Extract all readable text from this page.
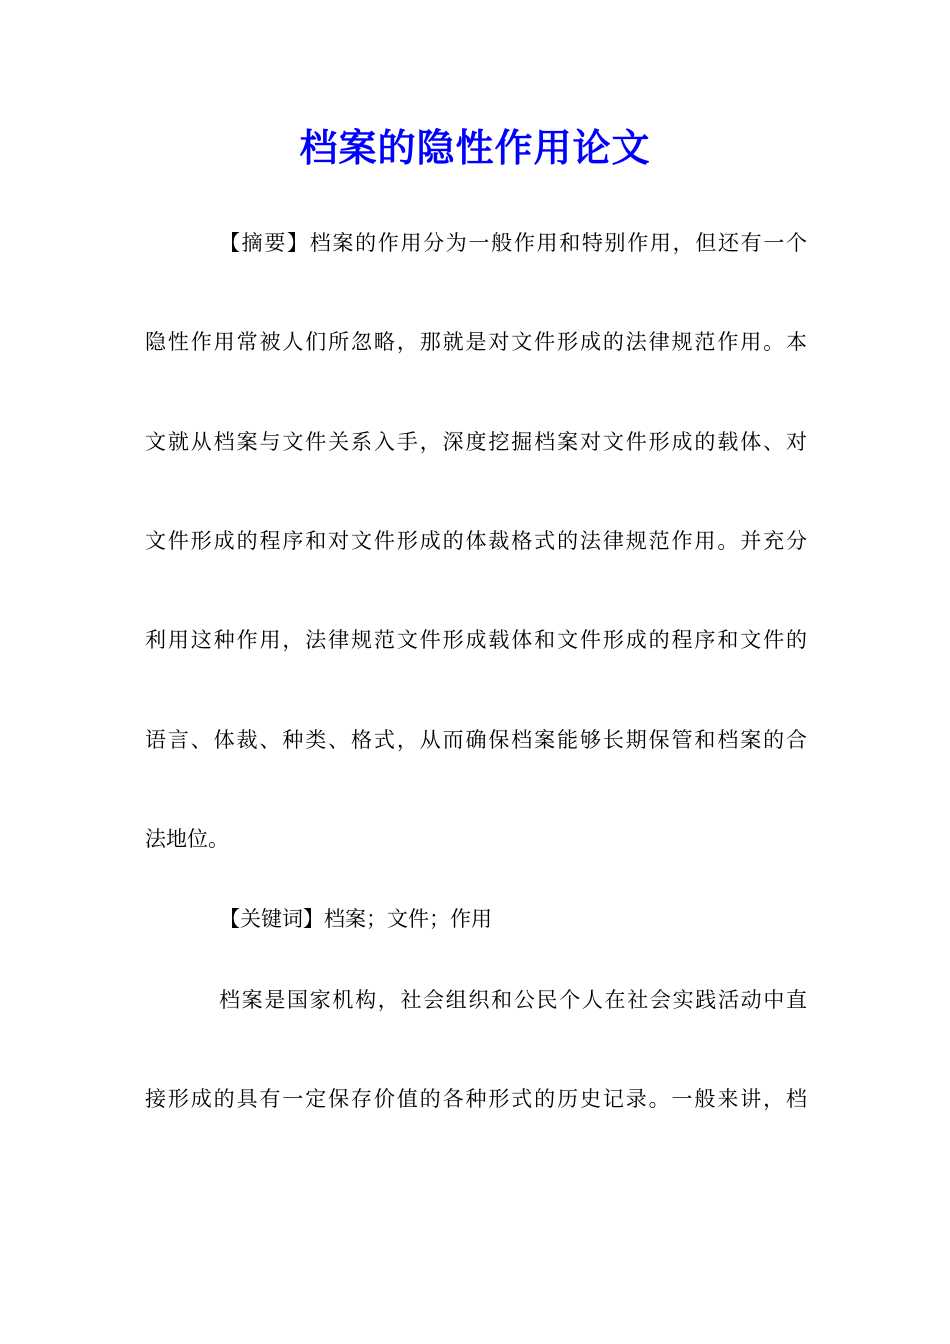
档案的隐性作用论文
【摘要】档案的作用分为一般作用和特别作用，但还有一个
隐性作用常被人们所忽略，那就是对文件形成的法律规范作用。本
文就从档案与文件关系入手，深度挖掘档案对文件形成的载体、对
文件形成的程序和对文件形成的体裁格式的法律规范作用。并充分
利用这种作用，法律规范文件形成载体和文件形成的程序和文件的
语言、体裁、种类、格式，从而确保档案能够长期保管和档案的合
法地位。
【关键词】档案；文件；作用
档案是国家机构，社会组织和公民个人在社会实践活动中直
接形成的具有一定保存价值的各种形式的历史记录。一般来讲，档
